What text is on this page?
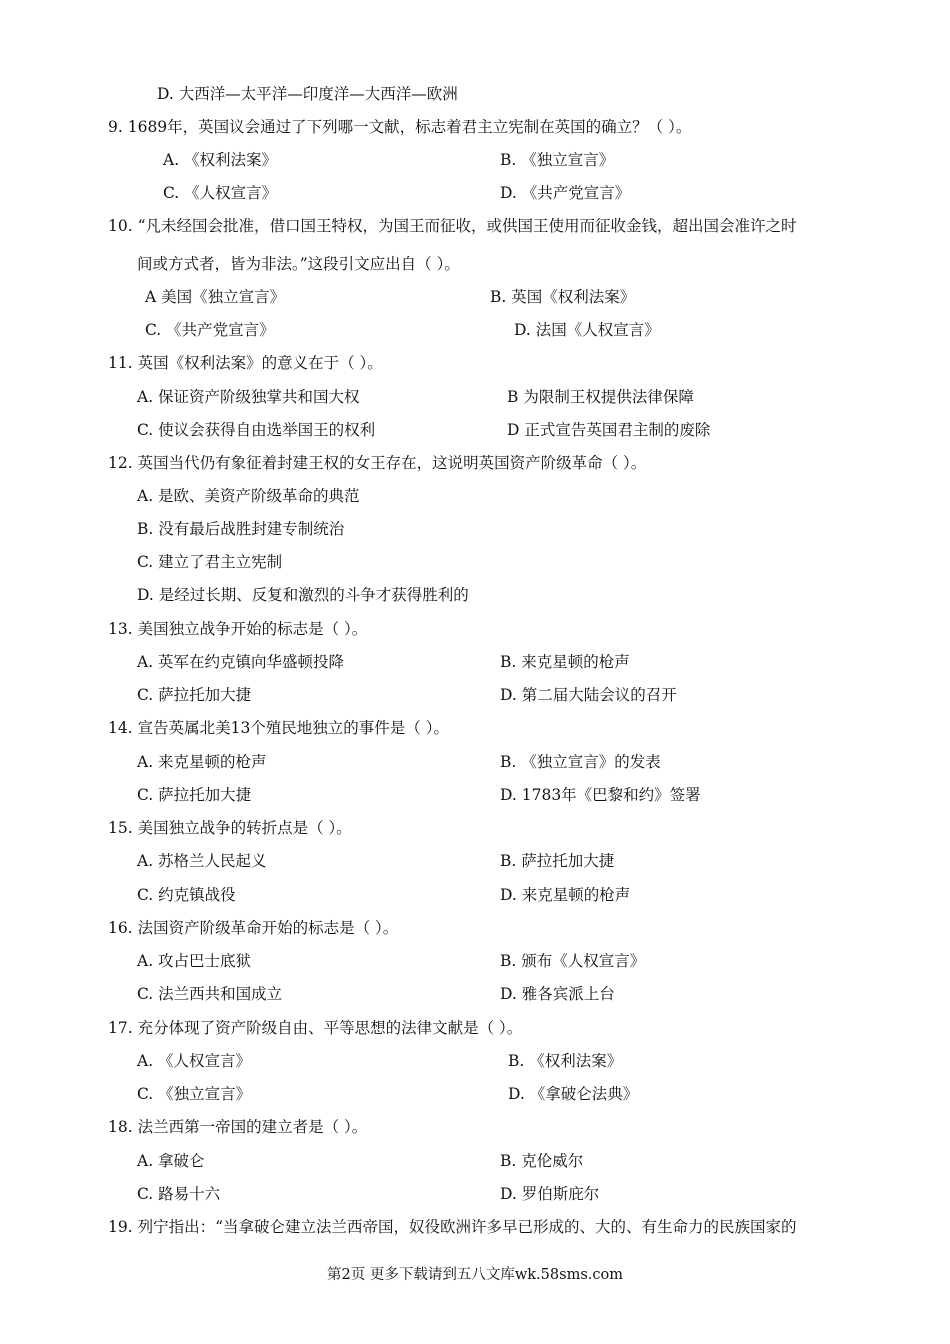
D. 大西洋—太平洋—印度洋—大西洋—欧洲
9. 1689年，英国议会通过了下列哪一文献，标志着君主立宪制在英国的确立？（ ）。
A. 《权利法案》	B. 《独立宣言》
C. 《人权宣言》	D. 《共产党宣言》
10. “凡未经国会批准，借口国王特权，为国王而征收，或供国王使用而征收金钱，超出国会准许之时
间或方式者，皆为非法。”这段引文应出自（ ）。
A 美国《独立宣言》	B. 英国《权利法案》
C. 《共产党宣言》	D. 法国《人权宣言》
11. 英国《权利法案》的意义在于（ ）。
A. 保证资产阶级独掌共和国大权	B 为限制王权提供法律保障
C. 使议会获得自由选举国王的权利	D 正式宣告英国君主制的废除
12. 英国当代仍有象征着封建王权的女王存在，这说明英国资产阶级革命（ ）。
A. 是欧、美资产阶级革命的典范
B. 没有最后战胜封建专制统治
C. 建立了君主立宪制
D. 是经过长期、反复和激烈的斗争才获得胜利的
13. 美国独立战争开始的标志是（ ）。
A. 英军在约克镇向华盛顿投降	B. 来克星顿的枪声
C. 萨拉托加大捷	D. 第二届大陆会议的召开
14. 宣告英属北美13个殖民地独立的事件是（ ）。
A. 来克星顿的枪声	B. 《独立宣言》的发表
C. 萨拉托加大捷	D. 1783年《巴黎和约》签署
15. 美国独立战争的转折点是（ ）。
A. 苏格兰人民起义	B. 萨拉托加大捷
C. 约克镇战役	D. 来克星顿的枪声
16. 法国资产阶级革命开始的标志是（ ）。
A. 攻占巴士底狱	B. 颁布《人权宣言》
C. 法兰西共和国成立	D. 雅各宾派上台
17. 充分体现了资产阶级自由、平等思想的法律文献是（ ）。
A. 《人权宣言》	B. 《权利法案》
C. 《独立宣言》	D. 《拿破仑法典》
18. 法兰西第一帝国的建立者是（ ）。
A. 拿破仑	B. 克伦威尔
C. 路易十六	D. 罗伯斯庇尔
19. 列宁指出：“当拿破仑建立法兰西帝国，奴役欧洲许多早已形成的、大的、有生命力的民族国家的
第2页 更多下载请到五八文库wk.58sms.com
